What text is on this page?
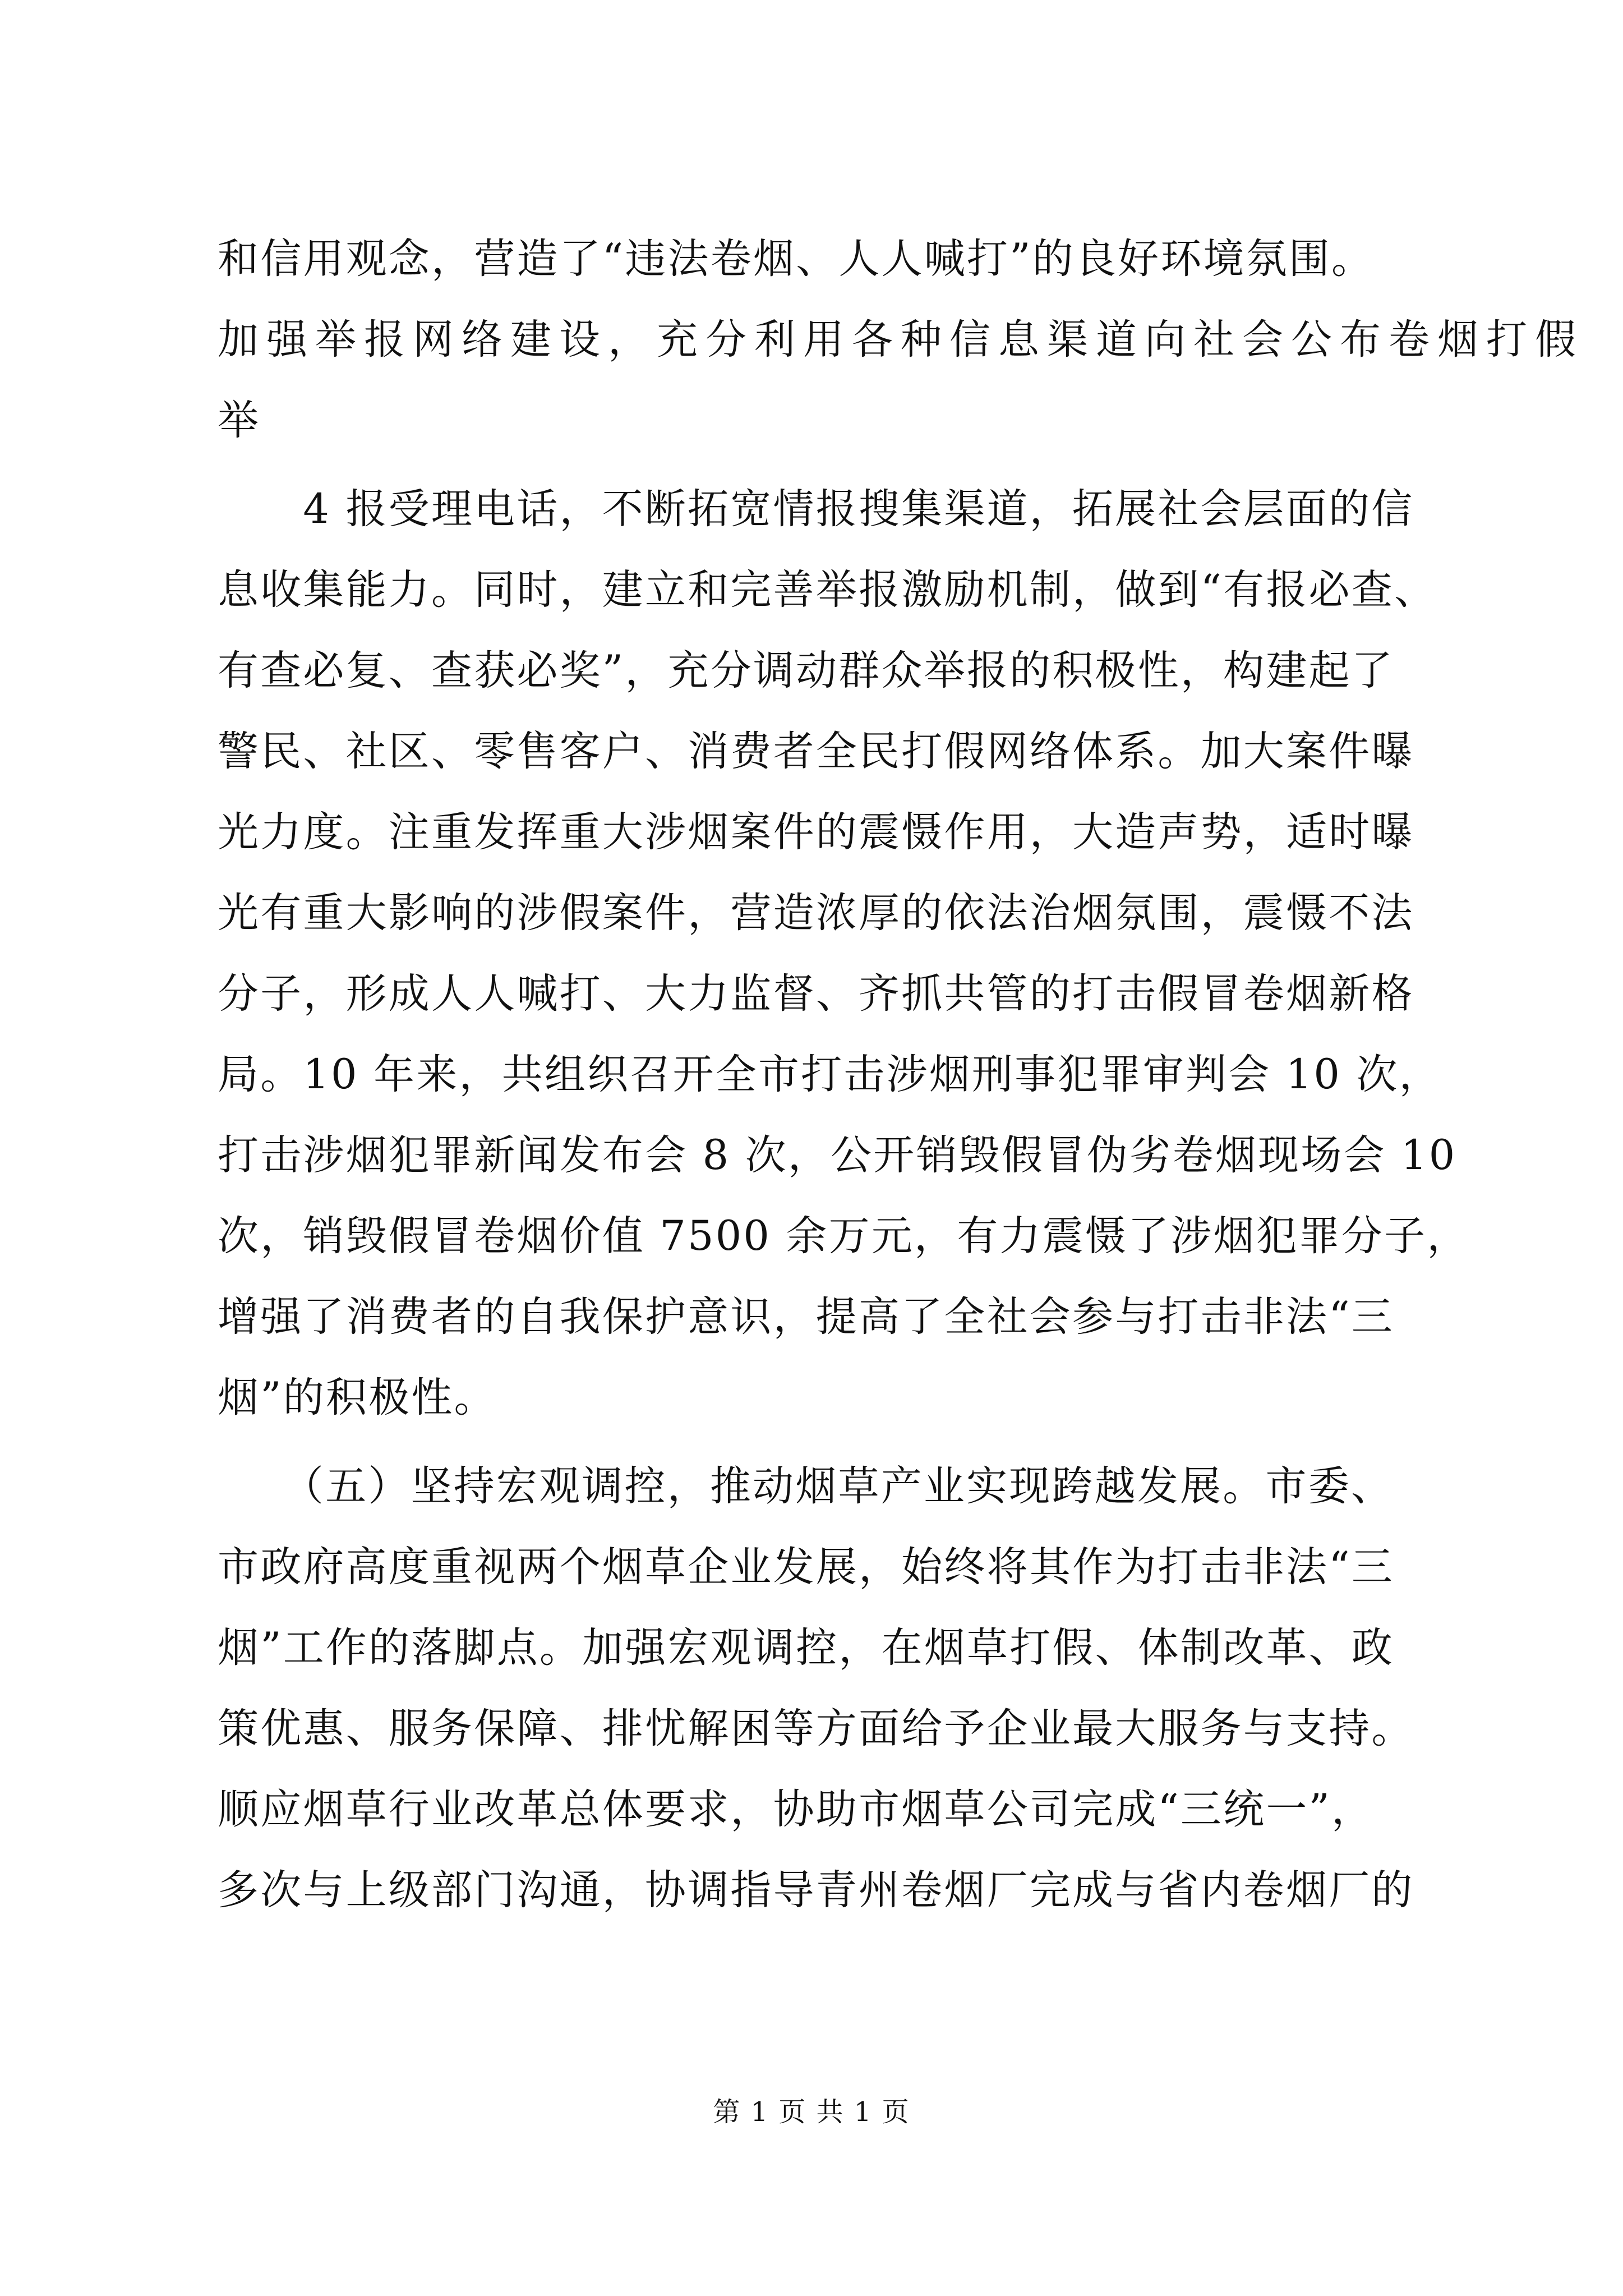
和信用观念，营造了“违法卷烟、人人喊打”的良好环境氛围。
加强举报网络建设，充分利用各种信息渠道向社会公布卷烟打假
举
　　4 报受理电话，不断拓宽情报搜集渠道，拓展社会层面的信
息收集能力。同时，建立和完善举报激励机制，做到“有报必查、
有查必复、查获必奖”，充分调动群众举报的积极性，构建起了
警民、社区、零售客户、消费者全民打假网络体系。加大案件曝
光力度。注重发挥重大涉烟案件的震慑作用，大造声势，适时曝
光有重大影响的涉假案件，营造浓厚的依法治烟氛围，震慑不法
分子，形成人人喊打、大力监督、齐抓共管的打击假冒卷烟新格
局。10 年来，共组织召开全市打击涉烟刑事犯罪审判会 10 次，
打击涉烟犯罪新闻发布会 8 次，公开销毁假冒伪劣卷烟现场会 10
次，销毁假冒卷烟价值 7500 余万元，有力震慑了涉烟犯罪分子，
增强了消费者的自我保护意识，提高了全社会参与打击非法“三
烟”的积极性。
　　（五）坚持宏观调控，推动烟草产业实现跨越发展。市委、
市政府高度重视两个烟草企业发展，始终将其作为打击非法“三
烟”工作的落脚点。加强宏观调控，在烟草打假、体制改革、政
策优惠、服务保障、排忧解困等方面给予企业最大服务与支持。
顺应烟草行业改革总体要求，协助市烟草公司完成“三统一”，
多次与上级部门沟通，协调指导青州卷烟厂完成与省内卷烟厂的
第 1 页 共 1 页
